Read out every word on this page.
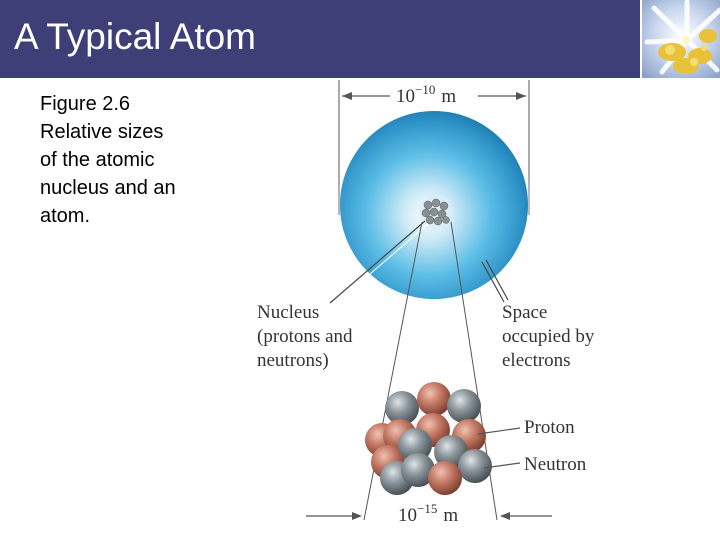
A Typical Atom
Figure 2.6
Relative sizes
of the atomic
nucleus and an
atom.
$10^{-10}$ m
Nucleus (protons and neutrons)
Space occupied by electrons
Proton
Neutron
$10^{-15}$ m
